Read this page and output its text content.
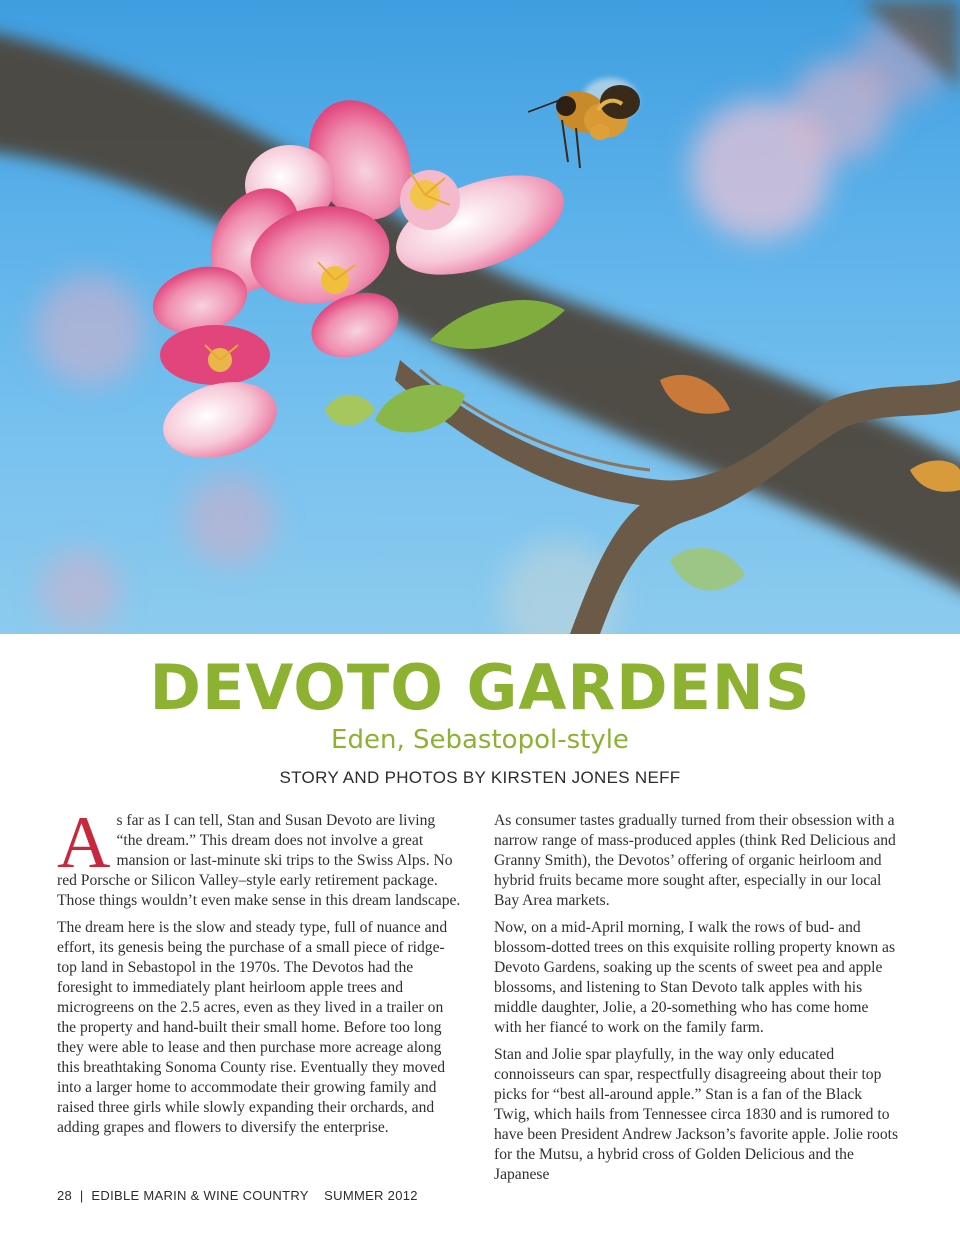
DEVOTO GARDENS
Eden, Sebastopol-style
STORY AND PHOTOS BY KIRSTEN JONES NEFF

As far as I can tell, Stan and Susan Devoto are living “the dream.” This dream does not involve a great mansion or last-minute ski trips to the Swiss Alps. No red Porsche or Silicon Valley–style early retirement package. Those things wouldn’t even make sense in this dream landscape.

The dream here is the slow and steady type, full of nuance and effort, its genesis being the purchase of a small piece of ridge-top land in Sebastopol in the 1970s. The Devotos had the foresight to immediately plant heirloom apple trees and microgreens on the 2.5 acres, even as they lived in a trailer on the property and hand-built their small home. Before too long they were able to lease and then purchase more acreage along this breathtaking Sonoma County rise. Eventually they moved into a larger home to accommodate their growing family and raised three girls while slowly expanding their orchards, and adding grapes and flowers to diversify the enterprise.

As consumer tastes gradually turned from their obsession with a narrow range of mass-produced apples (think Red Delicious and Granny Smith), the Devotos’ offering of organic heirloom and hybrid fruits became more sought after, especially in our local Bay Area markets.

Now, on a mid-April morning, I walk the rows of bud- and blossom-dotted trees on this exquisite rolling property known as Devoto Gardens, soaking up the scents of sweet pea and apple blossoms, and listening to Stan Devoto talk apples with his middle daughter, Jolie, a 20-something who has come home with her fiancé to work on the family farm.

Stan and Jolie spar playfully, in the way only educated connoisseurs can spar, respectfully disagreeing about their top picks for “best all-around apple.” Stan is a fan of the Black Twig, which hails from Tennessee circa 1830 and is rumored to have been President Andrew Jackson’s favorite apple. Jolie roots for the Mutsu, a hybrid cross of Golden Delicious and the Japanese

28 | EDIBLE MARIN & WINE COUNTRY SUMMER 2012
